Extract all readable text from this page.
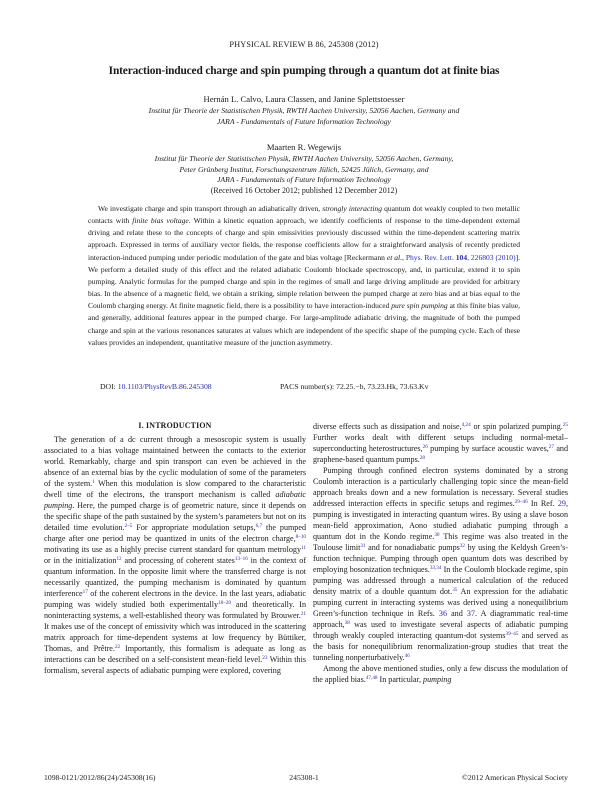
PHYSICAL REVIEW B 86, 245308 (2012)
Interaction-induced charge and spin pumping through a quantum dot at finite bias
Hernán L. Calvo, Laura Classen, and Janine Splettstoesser
Institut für Theorie der Statistischen Physik, RWTH Aachen University, 52056 Aachen, Germany and
JARA - Fundamentals of Future Information Technology
Maarten R. Wegewijs
Institut für Theorie der Statistischen Physik, RWTH Aachen University, 52056 Aachen, Germany,
Peter Grünberg Institut, Forschungszentrum Jülich, 52425 Jülich, Germany, and
JARA - Fundamentals of Future Information Technology
(Received 16 October 2012; published 12 December 2012)

We investigate charge and spin transport through an adiabatically driven, strongly interacting quantum dot weakly coupled to two metallic contacts with finite bias voltage. Within a kinetic equation approach, we identify coefficients of response to the time-dependent external driving and relate these to the concepts of charge and spin emissivities previously discussed within the time-dependent scattering matrix approach. Expressed in terms of auxiliary vector fields, the response coefficients allow for a straightforward analysis of recently predicted interaction-induced pumping under periodic modulation of the gate and bias voltage [Reckermann et al., Phys. Rev. Lett. 104, 226803 (2010)]. We perform a detailed study of this effect and the related adiabatic Coulomb blockade spectroscopy, and, in particular, extend it to spin pumping. Analytic formulas for the pumped charge and spin in the regimes of small and large driving amplitude are provided for arbitrary bias. In the absence of a magnetic field, we obtain a striking, simple relation between the pumped charge at zero bias and at bias equal to the Coulomb charging energy. At finite magnetic field, there is a possibility to have interaction-induced pure spin pumping at this finite bias value, and generally, additional features appear in the pumped charge. For large-amplitude adiabatic driving, the magnitude of both the pumped charge and spin at the various resonances saturates at values which are independent of the specific shape of the pumping cycle. Each of these values provides an independent, quantitative measure of the junction asymmetry.

DOI: 10.1103/PhysRevB.86.245308	PACS number(s): 72.25.−b, 73.23.Hk, 73.63.Kv
I. INTRODUCTION

The generation of a dc current through a mesoscopic system is usually associated to a bias voltage maintained between the contacts to the exterior world. Remarkably, charge and spin transport can even be achieved in the absence of an external bias by the cyclic modulation of some of the parameters of the system.$^1$ When this modulation is slow compared to the characteristic dwell time of the electrons, the transport mechanism is called adiabatic pumping. Here, the pumped charge is of geometric nature, since it depends on the specific shape of the path sustained by the system’s parameters but not on its detailed time evolution.$^{2-5}$ For appropriate modulation setups,$^{6,7}$ the pumped charge after one period may be quantized in units of the electron charge,$^{8-10}$ motivating its use as a highly precise current standard for quantum metrology$^{11}$ or in the initialization$^{12}$ and processing of coherent states$^{13-16}$ in the context of quantum information. In the opposite limit where the transferred charge is not necessarily quantized, the pumping mechanism is dominated by quantum interference$^{17}$ of the coherent electrons in the device. In the last years, adiabatic pumping was widely studied both experimentally$^{18-20}$ and theoretically. In noninteracting systems, a well-established theory was formulated by Brouwer.$^{21}$ It makes use of the concept of emissivity which was introduced in the scattering matrix approach for time-dependent systems at low frequency by Büttiker, Thomas, and Prêtre.$^{22}$ Importantly, this formalism is adequate as long as interactions can be described on a self-consistent mean-field level.$^{23}$ Within this formalism, several aspects of adiabatic pumping were explored, covering

diverse effects such as dissipation and noise,$^{4,24}$ or spin polarized pumping.$^{25}$ Further works dealt with different setups including normal-metal–superconducting heterostructures,$^{26}$ pumping by surface acoustic waves,$^{27}$ and graphene-based quantum pumps.$^{28}$

Pumping through confined electron systems dominated by a strong Coulomb interaction is a particularly challenging topic since the mean-field approach breaks down and a new formulation is necessary. Several studies addressed interaction effects in specific setups and regimes.$^{29-46}$ In Ref. 29, pumping is investigated in interacting quantum wires. By using a slave boson mean-field approximation, Aono studied adiabatic pumping through a quantum dot in the Kondo regime.$^{30}$ This regime was also treated in the Toulouse limit$^{31}$ and for nonadiabatic pumps$^{32}$ by using the Keldysh Green’s-function technique. Pumping through open quantum dots was described by employing bosonization techniques.$^{33,34}$ In the Coulomb blockade regime, spin pumping was addressed through a numerical calculation of the reduced density matrix of a double quantum dot.$^{35}$ An expression for the adiabatic pumping current in interacting systems was derived using a nonequilibrium Green’s-function technique in Refs. 36 and 37. A diagrammatic real-time approach,$^{38}$ was used to investigate several aspects of adiabatic pumping through weakly coupled interacting quantum-dot systems$^{39-45}$ and served as the basis for nonequilibrium renormalization-group studies that treat the tunneling nonperturbatively.$^{46}$

Among the above mentioned studies, only a few discuss the modulation of the applied bias.$^{47,48}$ In particular, pumping

1098-0121/2012/86(24)/245308(16)	245308-1	©2012 American Physical Society
